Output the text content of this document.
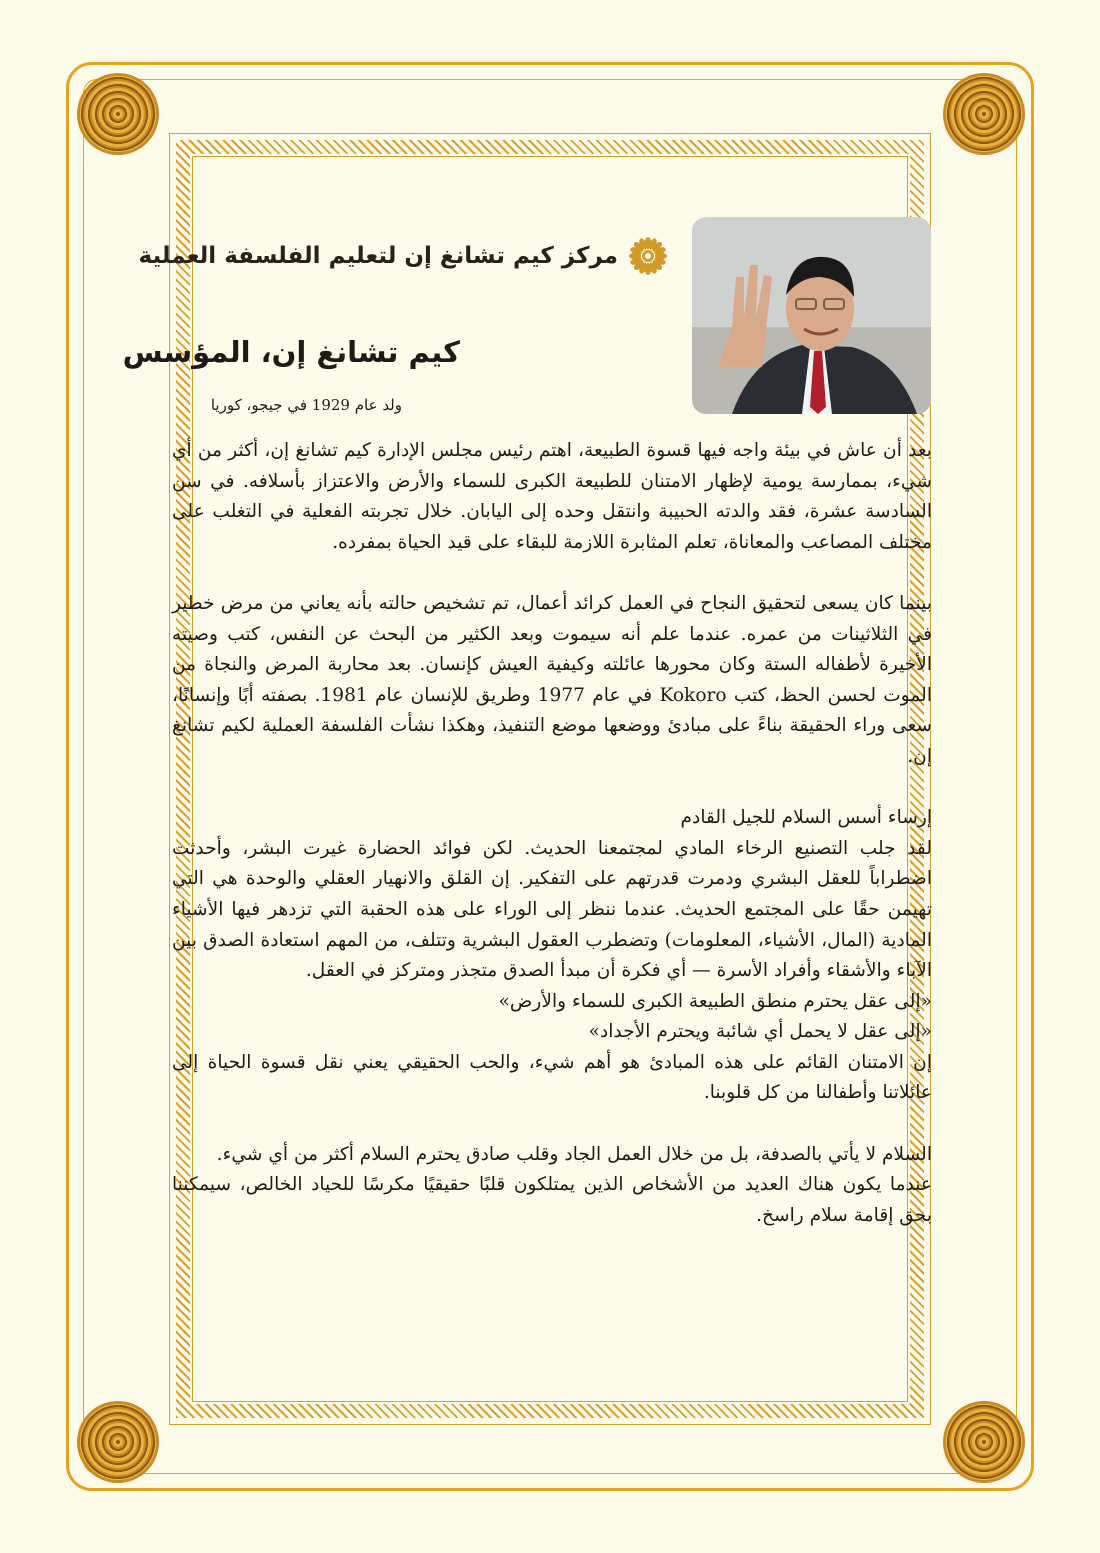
مركز كيم تشانغ إن لتعليم الفلسفة العملية
كيم تشانغ إن، المؤسس
ولد عام 1929 في جيجو، كوريا

بعد أن عاش في بيئة واجه فيها قسوة الطبيعة، اهتم رئيس مجلس الإدارة كيم تشانغ إن، أكثر من أي شيء، بممارسة يومية لإظهار الامتنان للطبيعة الكبرى للسماء والأرض والاعتزاز بأسلافه. في سن السادسة عشرة، فقد والدته الحبيبة وانتقل وحده إلى اليابان. خلال تجربته الفعلية في التغلب على مختلف المصاعب والمعاناة، تعلم المثابرة اللازمة للبقاء على قيد الحياة بمفرده.

بينما كان يسعى لتحقيق النجاح في العمل كرائد أعمال، تم تشخيص حالته بأنه يعاني من مرض خطير في الثلاثينات من عمره. عندما علم أنه سيموت وبعد الكثير من البحث عن النفس، كتب وصيته الأخيرة لأطفاله الستة وكان محورها عائلته وكيفية العيش كإنسان. بعد محاربة المرض والنجاة من الموت لحسن الحظ، كتب Kokoro في عام 1977 وطريق للإنسان عام 1981. بصفته أبًا وإنسانًا، سعى وراء الحقيقة بناءً على مبادئ ووضعها موضع التنفيذ، وهكذا نشأت الفلسفة العملية لكيم تشانغ إن.

إرساء أسس السلام للجيل القادم
لقد جلب التصنيع الرخاء المادي لمجتمعنا الحديث. لكن فوائد الحضارة غيرت البشر، وأحدثت اضطراباً للعقل البشري ودمرت قدرتهم على التفكير. إن القلق والانهيار العقلي والوحدة هي التي تهيمن حقًا على المجتمع الحديث. عندما ننظر إلى الوراء على هذه الحقبة التي تزدهر فيها الأشياء المادية (المال، الأشياء، المعلومات) وتضطرب العقول البشرية وتتلف، من المهم استعادة الصدق بين الآباء والأشقاء وأفراد الأسرة — أي فكرة أن مبدأ الصدق متجذر ومتركز في العقل.
«إلى عقل يحترم منطق الطبيعة الكبرى للسماء والأرض»
«إلى عقل لا يحمل أي شائبة ويحترم الأجداد»
إن الامتنان القائم على هذه المبادئ هو أهم شيء، والحب الحقيقي يعني نقل قسوة الحياة إلى عائلاتنا وأطفالنا من كل قلوبنا.
السلام لا يأتي بالصدفة، بل من خلال العمل الجاد وقلب صادق يحترم السلام أكثر من أي شيء.
عندما يكون هناك العديد من الأشخاص الذين يمتلكون قلبًا حقيقيًا مكرسًا للحياد الخالص، سيمكننا بحق إقامة سلام راسخ.
